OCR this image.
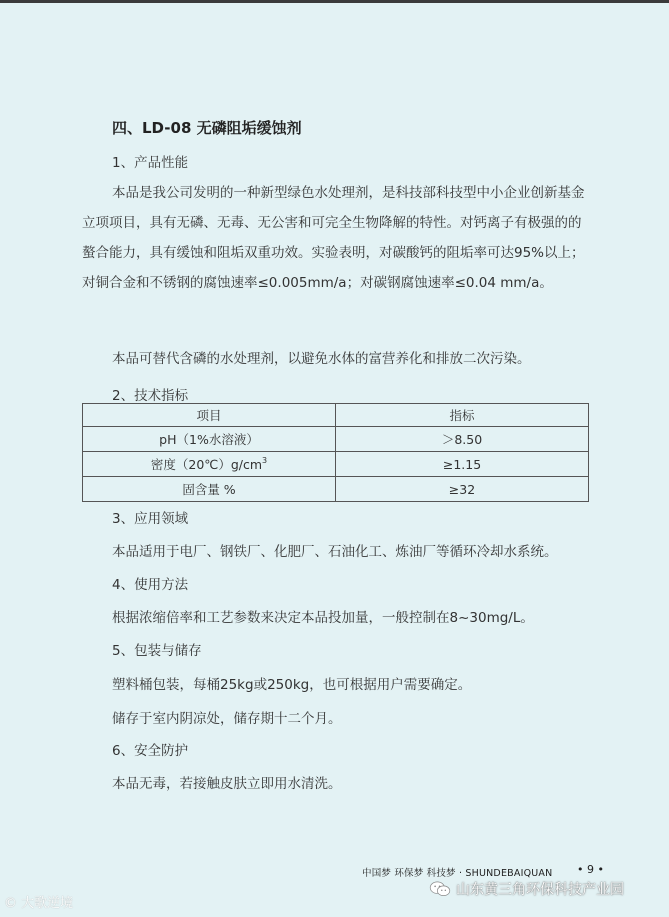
四、LD-08 无磷阻垢缓蚀剂
1、产品性能

本品是我公司发明的一种新型绿色水处理剂，是科技部科技型中小企业创新基金立项项目，具有无磷、无毒、无公害和可完全生物降解的特性。对钙离子有极强的的螯合能力，具有缓蚀和阻垢双重功效。实验表明，对碳酸钙的阻垢率可达95%以上；对铜合金和不锈钢的腐蚀速率≤0.005mm/a；对碳钢腐蚀速率≤0.04 mm/a。

本品可替代含磷的水处理剂，以避免水体的富营养化和排放二次污染。

2、技术指标
项目	指标
pH（1%水溶液）	＞8.50
密度$(20℃)g/cm^3$	≥1.15
固含量 %	≥32
3、应用领域
本品适用于电厂、钢铁厂、化肥厂、石油化工、炼油厂等循环冷却水系统。
4、使用方法
根据浓缩倍率和工艺参数来决定本品投加量，一般控制在8~30mg/L。
5、包装与储存
塑料桶包装，每桶25kg或250kg，也可根据用户需要确定。
储存于室内阴凉处，储存期十二个月。
6、安全防护
本品无毒，若接触皮肤立即用水清洗。
中国梦 环保梦 科技梦 · SHUNDEBAIQUAN • 9 •
© 大歌逆境
山东黄三角环保科技产业园
